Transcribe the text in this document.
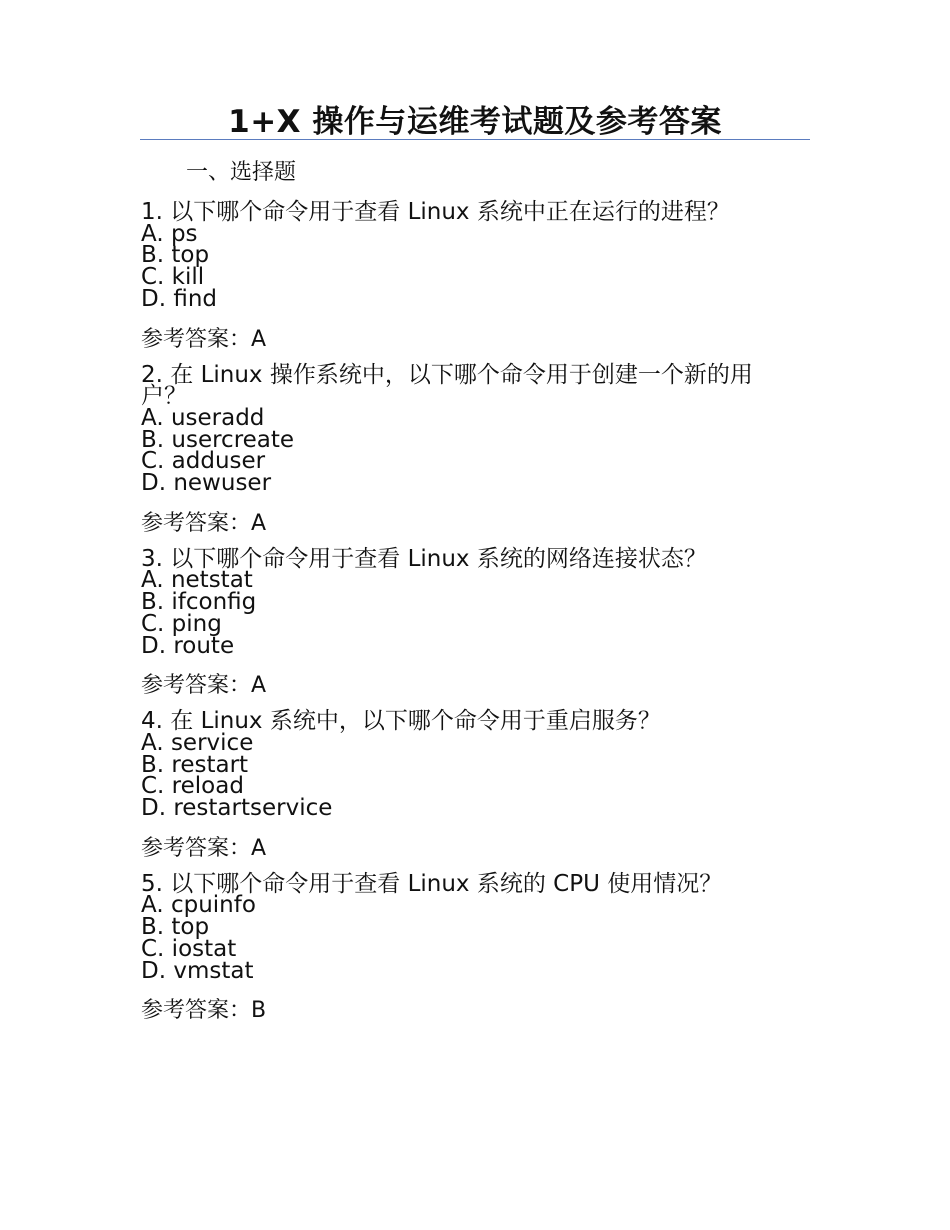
1+X 操作与运维考试题及参考答案
一、选择题
1. 以下哪个命令用于查看 Linux 系统中正在运行的进程？
A. ps
B. top
C. kill
D. find
参考答案：A
2. 在 Linux 操作系统中，以下哪个命令用于创建一个新的用户？
A. useradd
B. usercreate
C. adduser
D. newuser
参考答案：A
3. 以下哪个命令用于查看 Linux 系统的网络连接状态？
A. netstat
B. ifconfig
C. ping
D. route
参考答案：A
4. 在 Linux 系统中，以下哪个命令用于重启服务？
A. service
B. restart
C. reload
D. restartservice
参考答案：A
5. 以下哪个命令用于查看 Linux 系统的 CPU 使用情况？
A. cpuinfo
B. top
C. iostat
D. vmstat
参考答案：B
